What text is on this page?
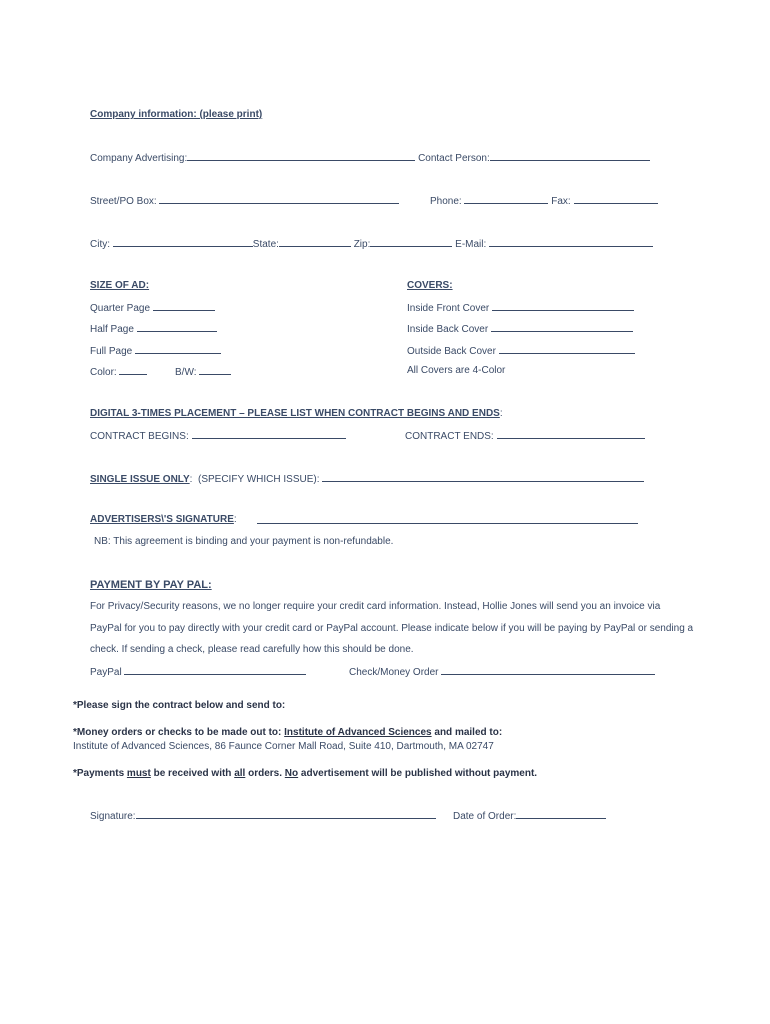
Company information: (please print)
Company Advertising:	Contact Person:
Street/PO Box:	Phone:	Fax:
City:	State:	Zip:	E-Mail:
SIZE OF AD:
Quarter Page
Half Page
Full Page
Color:	B/W:
COVERS:
Inside Front Cover
Inside Back Cover
Outside Back Cover
All Covers are 4-Color
DIGITAL 3-TIMES PLACEMENT – PLEASE LIST WHEN CONTRACT BEGINS AND ENDS:
CONTRACT BEGINS:	CONTRACT ENDS:
SINGLE ISSUE ONLY: (SPECIFY WHICH ISSUE):
ADVERTISERS\'S SIGNATURE:
NB: This agreement is binding and your payment is non-refundable.
PAYMENT BY PAY PAL:
For Privacy/Security reasons, we no longer require your credit card information. Instead, Hollie Jones will send you an invoice via
PayPal for you to pay directly with your credit card or PayPal account. Please indicate below if you will be paying by PayPal or sending a
check. If sending a check, please read carefully how this should be done.
PayPal	Check/Money Order
*Please sign the contract below and send to:
*Money orders or checks to be made out to: Institute of Advanced Sciences and mailed to:
Institute of Advanced Sciences, 86 Faunce Corner Mall Road, Suite 410, Dartmouth, MA 02747
*Payments must be received with all orders. No advertisement will be published without payment.
Signature:	Date of Order:
